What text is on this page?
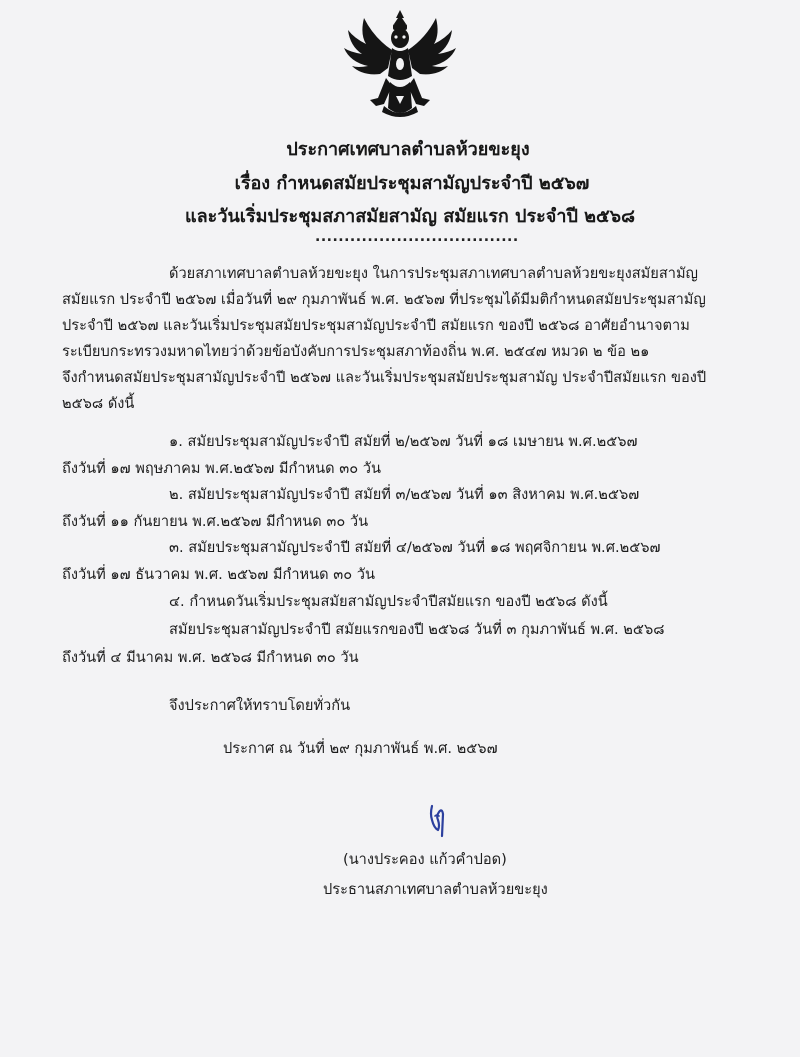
ประกาศเทศบาลตำบลห้วยขะยุง
เรื่อง กำหนดสมัยประชุมสามัญประจำปี ๒๕๖๗
และวันเริ่มประชุมสภาสมัยสามัญ สมัยแรก ประจำปี ๒๕๖๘
...................................
ด้วยสภาเทศบาลตำบลห้วยขะยุง ในการประชุมสภาเทศบาลตำบลห้วยขะยุงสมัยสามัญ
สมัยแรก ประจำปี ๒๕๖๗ เมื่อวันที่ ๒๙ กุมภาพันธ์ พ.ศ. ๒๕๖๗ ที่ประชุมได้มีมติกำหนดสมัยประชุมสามัญ
ประจำปี ๒๕๖๗ และวันเริ่มประชุมสมัยประชุมสามัญประจำปี สมัยแรก ของปี ๒๕๖๘ อาศัยอำนาจตาม
ระเบียบกระทรวงมหาดไทยว่าด้วยข้อบังคับการประชุมสภาท้องถิ่น พ.ศ. ๒๕๔๗ หมวด ๒ ข้อ ๒๑
จึงกำหนดสมัยประชุมสามัญประจำปี ๒๕๖๗ และวันเริ่มประชุมสมัยประชุมสามัญ ประจำปีสมัยแรก ของปี
๒๕๖๘ ดังนี้
๑. สมัยประชุมสามัญประจำปี สมัยที่ ๒/๒๕๖๗ วันที่ ๑๘ เมษายน พ.ศ.๒๕๖๗
ถึงวันที่ ๑๗ พฤษภาคม พ.ศ.๒๕๖๗ มีกำหนด ๓๐ วัน
๒. สมัยประชุมสามัญประจำปี สมัยที่ ๓/๒๕๖๗ วันที่ ๑๓ สิงหาคม พ.ศ.๒๕๖๗
ถึงวันที่ ๑๑ กันยายน พ.ศ.๒๕๖๗ มีกำหนด ๓๐ วัน
๓. สมัยประชุมสามัญประจำปี สมัยที่ ๔/๒๕๖๗ วันที่ ๑๘ พฤศจิกายน พ.ศ.๒๕๖๗
ถึงวันที่ ๑๗ ธันวาคม พ.ศ. ๒๕๖๗ มีกำหนด ๓๐ วัน
๔. กำหนดวันเริ่มประชุมสมัยสามัญประจำปีสมัยแรก ของปี ๒๕๖๘ ดังนี้
สมัยประชุมสามัญประจำปี สมัยแรกของปี ๒๕๖๘ วันที่ ๓ กุมภาพันธ์ พ.ศ. ๒๕๖๘
ถึงวันที่ ๔ มีนาคม พ.ศ. ๒๕๖๘ มีกำหนด ๓๐ วัน
จึงประกาศให้ทราบโดยทั่วกัน
ประกาศ ณ วันที่ ๒๙ กุมภาพันธ์ พ.ศ. ๒๕๖๗
(นางประคอง แก้วคำปอด)
ประธานสภาเทศบาลตำบลห้วยขะยุง
